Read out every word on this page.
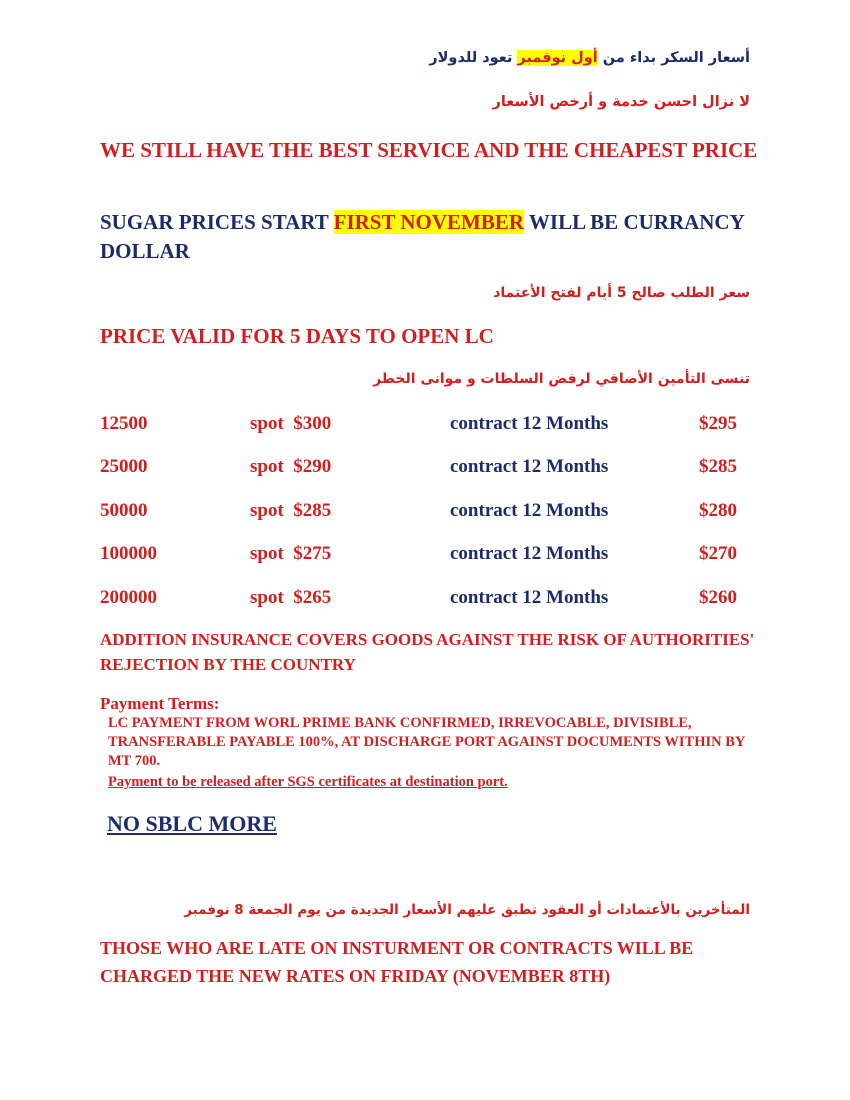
أسعار السكر بداء من أول نوفمبر تعود للدولار
لا نزال احسن خدمة و أرخص الأسعار
WE STILL HAVE THE BEST SERVICE AND THE CHEAPEST PRICE
SUGAR PRICES START FIRST NOVEMBER WILL BE CURRANCY DOLLAR
سعر الطلب صالح 5 أيام لفتح الأعتماد
PRICE VALID FOR 5 DAYS TO OPEN LC
تنسى التأمين الأضافي لرفض السلطات و موانى الخطر
12500	spot $300	contract 12 Months	$295
25000	spot $290	contract 12 Months	$285
50000	spot $285	contract 12 Months	$280
100000	spot $275	contract 12 Months	$270
200000	spot $265	contract 12 Months	$260
ADDITION INSURANCE COVERS GOODS AGAINST THE RISK OF AUTHORITIES' REJECTION BY THE COUNTRY
Payment Terms:
LC PAYMENT FROM WORL PRIME BANK CONFIRMED, IRREVOCABLE, DIVISIBLE, TRANSFERABLE PAYABLE 100%, AT DISCHARGE PORT AGAINST DOCUMENTS WITHIN BY MT 700.
Payment to be released after SGS certificates at destination port.
NO SBLC MORE
المتأخرين بالأعتمادات أو العقود تطبق عليهم الأسعار الجديدة من يوم الجمعة 8 نوفمبر
THOSE WHO ARE LATE ON INSTURMENT OR CONTRACTS WILL BE CHARGED THE NEW RATES ON FRIDAY (NOVEMBER 8TH)
